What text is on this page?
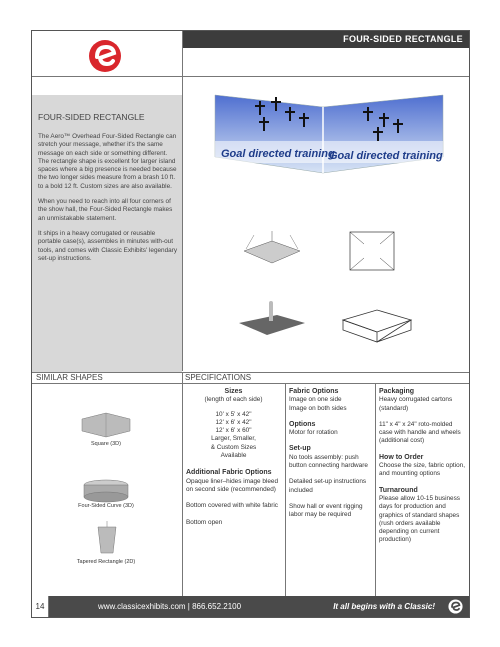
FOUR-SIDED RECTANGLE
FOUR-SIDED RECTANGLE

The Aero™ Overhead Four-Sided Rectangle can stretch your message, whether it's the same message on each side or something different. The rectangle shape is excellent for larger island spaces where a big presence is needed because the two longer sides measure from a brash 10 ft. to a bold 12 ft. Custom sizes are also available.

When you need to reach into all four corners of the show hall, the Four-Sided Rectangle makes an unmistakable statement.

It ships in a heavy corrugated or reusable portable case(s), assembles in minutes with-out tools, and comes with Classic Exhibits' legendary set-up instructions.

Goal directed training
Goal directed training
SIMILAR SHAPES	SPECIFICATIONS
Square (3D)
Four-Sided Curve (3D)
Tapered Rectangle (2D)
Sizes

(length of each side)

10' x 5' x 42"

12' x 6' x 42"

12' x 6' x 60"

Larger, Smaller,

& Custom Sizes

Available

Additional Fabric Options

Opaque liner–hides image bleed on second side (recommended)

Bottom covered with white fabric

Bottom open

Fabric Options

Image on one side

Image on both sides

Options

Motor for rotation

Set-up

No tools assembly: push button connecting hardware

Detailed set-up instructions included

Show hall or event rigging labor may be required

Packaging

Heavy corrugated cartons (standard)

11" x 4" x 24" roto-molded case with handle and wheels (additional cost)

How to Order

Choose the size, fabric option, and mounting options

Turnaround

Please allow 10-15 business days for production and graphics of standard shapes (rush orders available depending on current production)

14	www.classicexhibits.com | 866.652.2100	It all begins with a Classic!
